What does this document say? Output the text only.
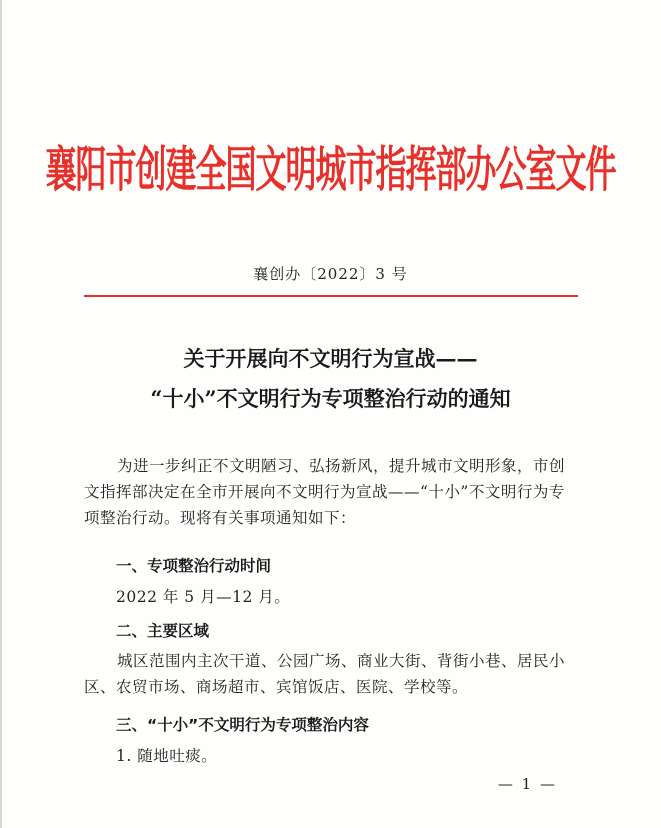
襄阳市创建全国文明城市指挥部办公室文件
襄创办〔2022〕3 号
关于开展向不文明行为宣战——
“十小”不文明行为专项整治行动的通知
为进一步纠正不文明陋习、弘扬新风，提升城市文明形象，市创文指挥部决定在全市开展向不文明行为宣战——“十小”不文明行为专项整治行动。现将有关事项通知如下：
一、专项整治行动时间
2022 年 5 月—12 月。
二、主要区域
城区范围内主次干道、公园广场、商业大街、背街小巷、居民小区、农贸市场、商场超市、宾馆饭店、医院、学校等。
三、“十小”不文明行为专项整治内容
1. 随地吐痰。
— 1 —
